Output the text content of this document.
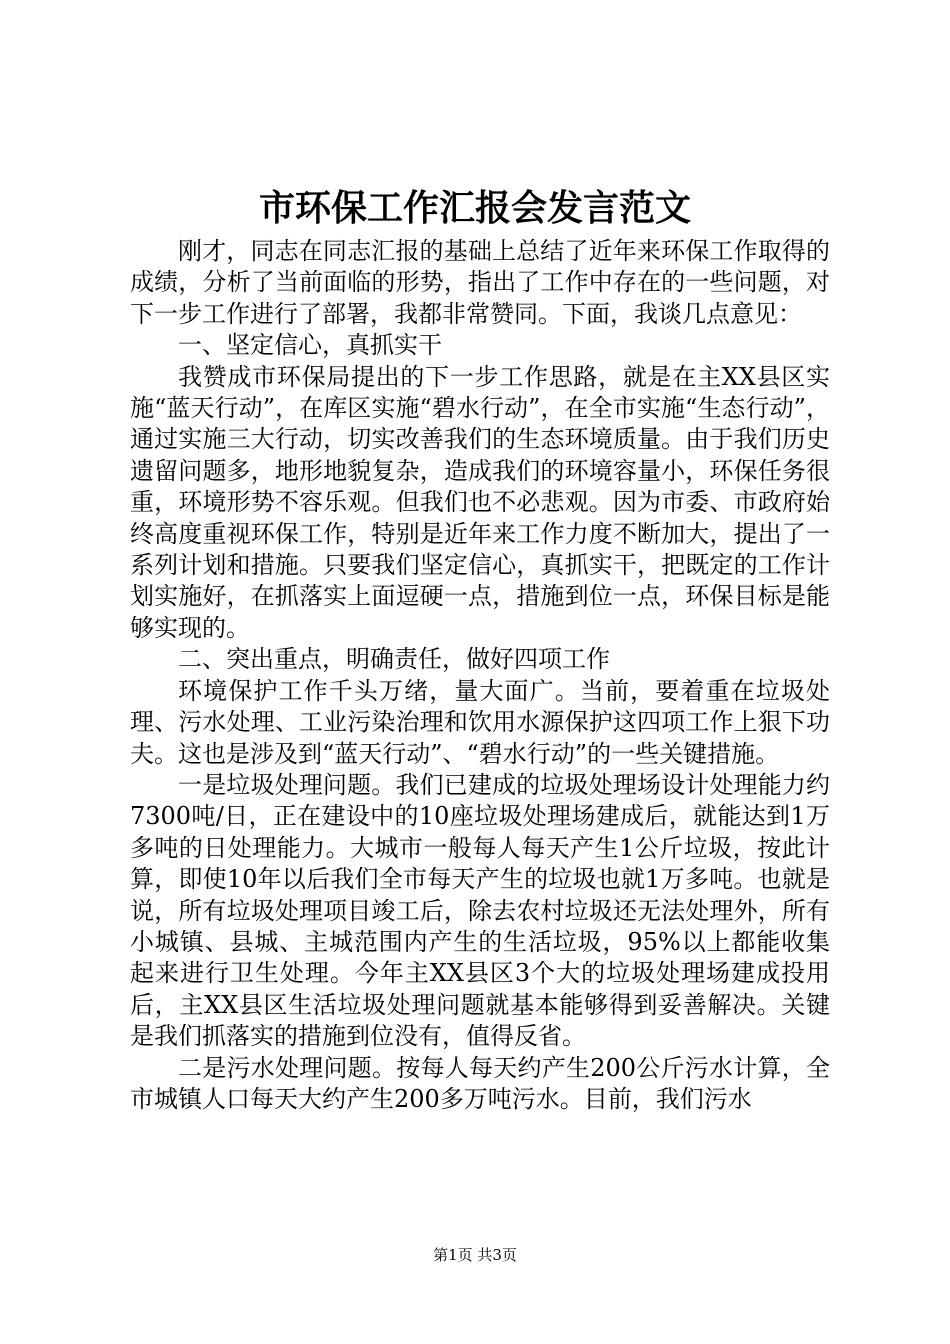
市环保工作汇报会发言范文

刚才，同志在同志汇报的基础上总结了近年来环保工作取得的成绩，分析了当前面临的形势，指出了工作中存在的一些问题，对下一步工作进行了部署，我都非常赞同。下面，我谈几点意见：

一、坚定信心，真抓实干

我赞成市环保局提出的下一步工作思路，就是在主XX县区实施“蓝天行动”，在库区实施“碧水行动”，在全市实施“生态行动”，通过实施三大行动，切实改善我们的生态环境质量。由于我们历史遗留问题多，地形地貌复杂，造成我们的环境容量小，环保任务很重，环境形势不容乐观。但我们也不必悲观。因为市委、市政府始终高度重视环保工作，特别是近年来工作力度不断加大，提出了一系列计划和措施。只要我们坚定信心，真抓实干，把既定的工作计划实施好，在抓落实上面逗硬一点，措施到位一点，环保目标是能够实现的。

二、突出重点，明确责任，做好四项工作

环境保护工作千头万绪，量大面广。当前，要着重在垃圾处理、污水处理、工业污染治理和饮用水源保护这四项工作上狠下功夫。这也是涉及到“蓝天行动”、“碧水行动”的一些关键措施。

一是垃圾处理问题。我们已建成的垃圾处理场设计处理能力约7300吨/日，正在建设中的10座垃圾处理场建成后，就能达到1万多吨的日处理能力。大城市一般每人每天产生1公斤垃圾，按此计算，即使10年以后我们全市每天产生的垃圾也就1万多吨。也就是说，所有垃圾处理项目竣工后，除去农村垃圾还无法处理外，所有小城镇、县城、主城范围内产生的生活垃圾，95%以上都能收集起来进行卫生处理。今年主XX县区3个大的垃圾处理场建成投用后，主XX县区生活垃圾处理问题就基本能够得到妥善解决。关键是我们抓落实的措施到位没有，值得反省。

二是污水处理问题。按每人每天约产生200公斤污水计算，全市城镇人口每天大约产生200多万吨污水。目前，我们污水

第1页 共3页
